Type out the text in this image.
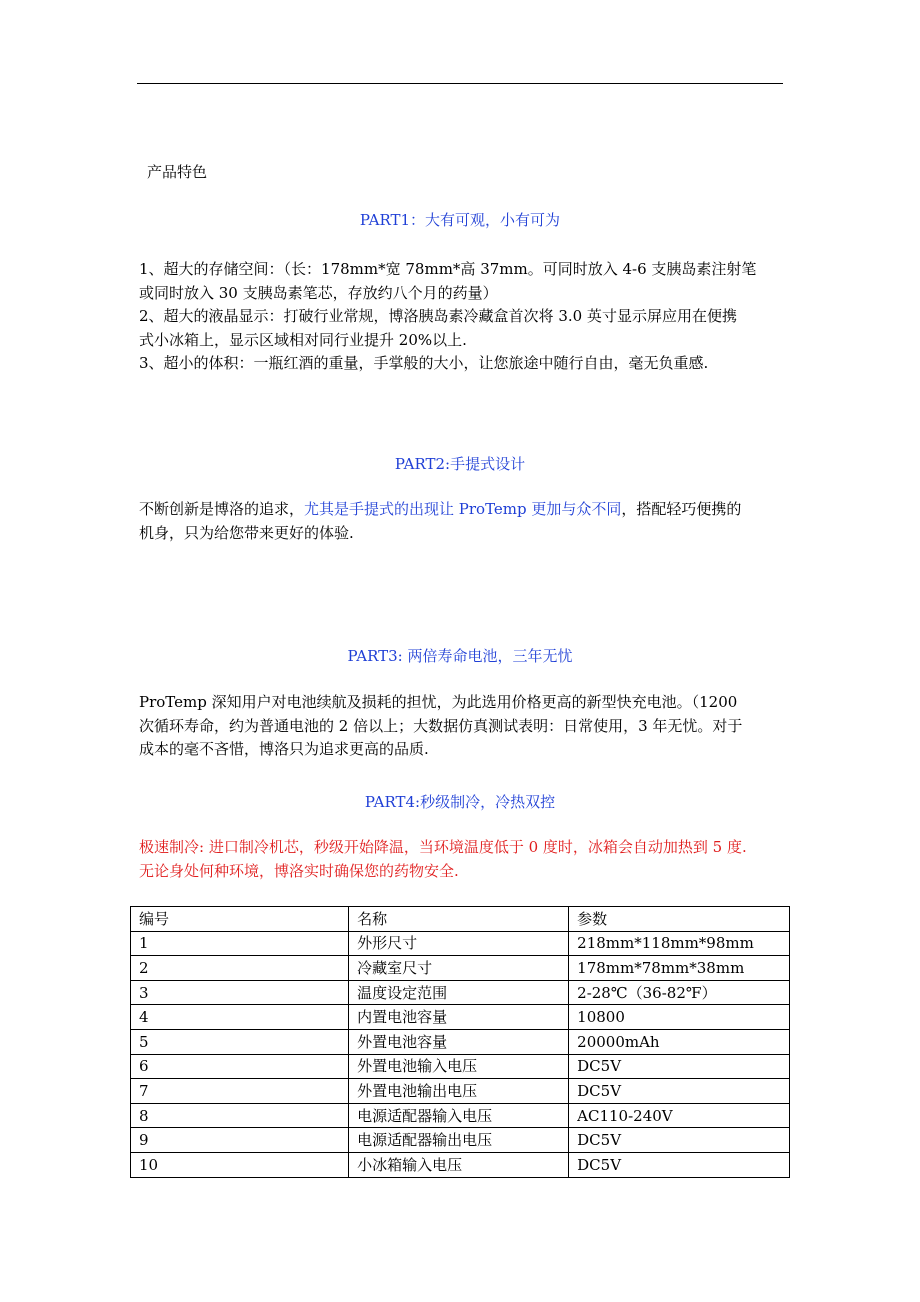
产品特色
PART1：大有可观，小有可为

1、超大的存储空间：（长：178mm*宽 78mm*高 37mm。可同时放入 4-6 支胰岛素注射笔

或同时放入 30 支胰岛素笔芯，存放约八个月的药量）

2、超大的液晶显示：打破行业常规，博洛胰岛素冷藏盒首次将 3.0 英寸显示屏应用在便携

式小冰箱上，显示区域相对同行业提升 20%以上.

3、超小的体积：一瓶红酒的重量，手掌般的大小，让您旅途中随行自由，毫无负重感.

PART2:手提式设计

不断创新是博洛的追求，尤其是手提式的出现让 ProTemp 更加与众不同，搭配轻巧便携的

机身，只为给您带来更好的体验.

PART3: 两倍寿命电池，三年无忧

ProTemp 深知用户对电池续航及损耗的担忧，为此选用价格更高的新型快充电池。（1200

次循环寿命，约为普通电池的 2 倍以上；大数据仿真测试表明：日常使用，3 年无忧。对于

成本的毫不吝惜，博洛只为追求更高的品质.

PART4:秒级制冷，冷热双控

极速制冷: 进口制冷机芯，秒级开始降温，当环境温度低于 0 度时，冰箱会自动加热到 5 度.

无论身处何种环境，博洛实时确保您的药物安全.

编号	名称	参数
1	外形尺寸	218mm*118mm*98mm
2	冷藏室尺寸	178mm*78mm*38mm
3	温度设定范围	2-28℃（36-82℉）
4	内置电池容量	10800
5	外置电池容量	20000mAh
6	外置电池输入电压	DC5V
7	外置电池输出电压	DC5V
8	电源适配器输入电压	AC110-240V
9	电源适配器输出电压	DC5V
10	小冰箱输入电压	DC5V
